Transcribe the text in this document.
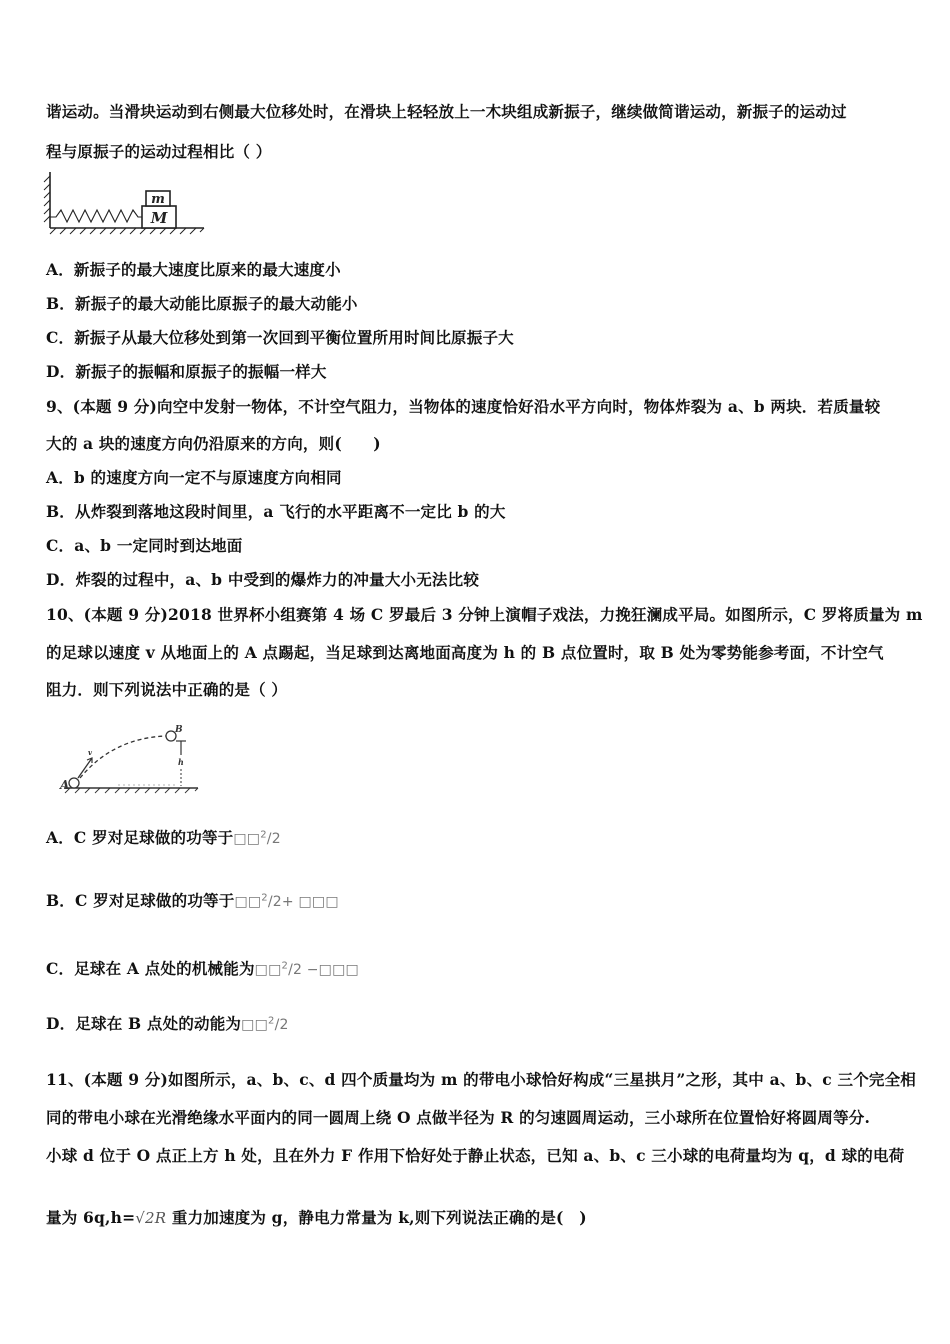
谐运动。当滑块运动到右侧最大位移处时，在滑块上轻轻放上一木块组成新振子，继续做简谐运动，新振子的运动过
程与原振子的运动过程相比（ ）
M
m
A．新振子的最大速度比原来的最大速度小
B．新振子的最大动能比原振子的最大动能小
C．新振子从最大位移处到第一次回到平衡位置所用时间比原振子大
D．新振子的振幅和原振子的振幅一样大
9、(本题 9 分)向空中发射一物体，不计空气阻力，当物体的速度恰好沿水平方向时，物体炸裂为 a、b 两块．若质量较
大的 a 块的速度方向仍沿原来的方向，则(　　)
A．b 的速度方向一定不与原速度方向相同
B．从炸裂到落地这段时间里，a 飞行的水平距离不一定比 b 的大
C．a、b 一定同时到达地面
D．炸裂的过程中，a、b 中受到的爆炸力的冲量大小无法比较
10、(本题 9 分)2018 世界杯小组赛第 4 场 C 罗最后 3 分钟上演帽子戏法，力挽狂澜成平局。如图所示，C 罗将质量为 m
的足球以速度 v 从地面上的 A 点踢起，当足球到达离地面高度为 h 的 B 点位置时，取 B 处为零势能参考面，不计空气
阻力．则下列说法中正确的是（ ）
A
v
B
h
A．C 罗对足球做的功等于□□$^2$/2
B．C 罗对足球做的功等于□□$^2$/2+ □□□
C．足球在 A 点处的机械能为□□$^2$/2 −□□□
D．足球在 B 点处的动能为□□$^2$/2
11、(本题 9 分)如图所示，a、b、c、d 四个质量均为 m 的带电小球恰好构成“三星拱月”之形，其中 a、b、c 三个完全相
同的带电小球在光滑绝缘水平面内的同一圆周上绕 O 点做半径为 R 的匀速圆周运动，三小球所在位置恰好将圆周等分.
小球 d 位于 O 点正上方 h 处，且在外力 F 作用下恰好处于静止状态，已知 a、b、c 三小球的电荷量均为 q，d 球的电荷
量为 6q,h=√2R 重力加速度为 g，静电力常量为 k,则下列说法正确的是(　)
